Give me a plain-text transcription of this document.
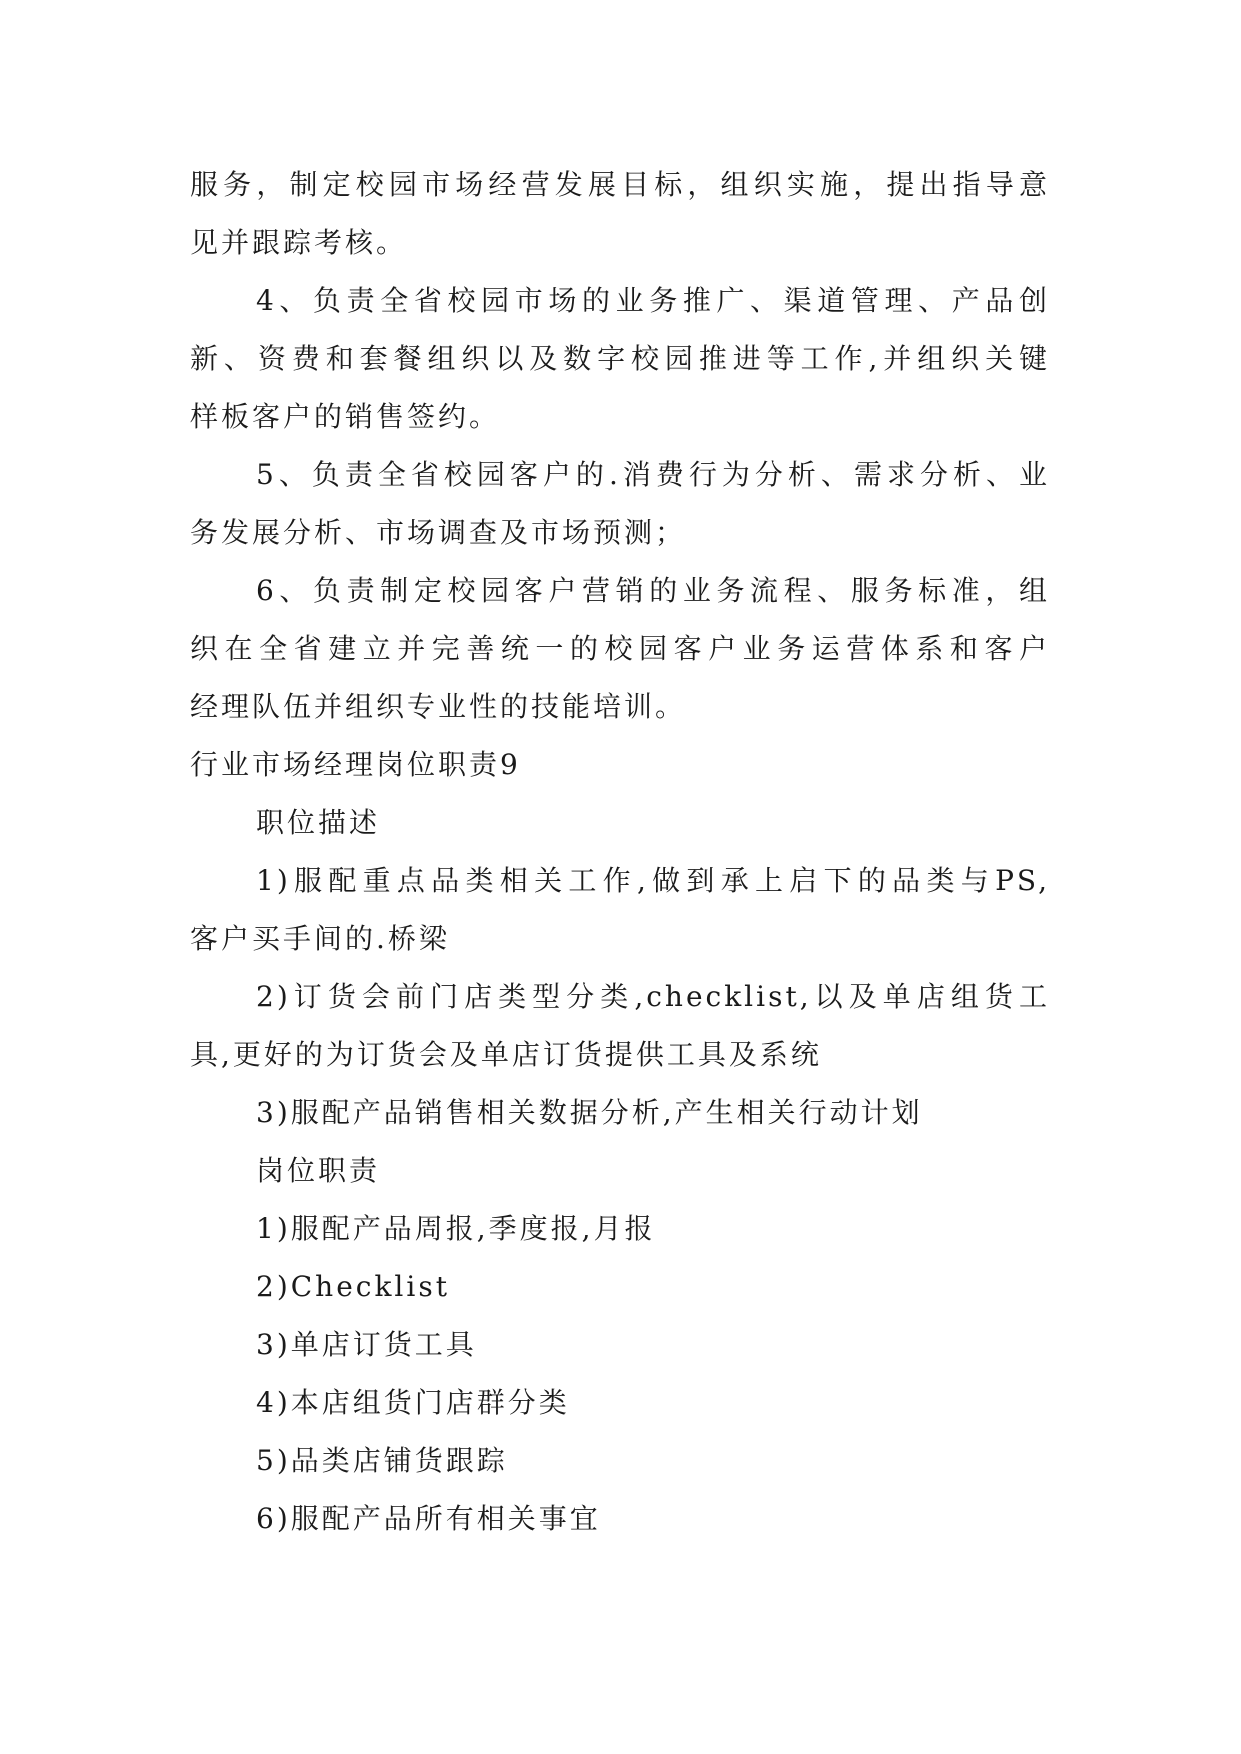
服务，制定校园市场经营发展目标，组织实施，提出指导意
见并跟踪考核。
4、负责全省校园市场的业务推广、渠道管理、产品创
新、资费和套餐组织以及数字校园推进等工作,并组织关键
样板客户的销售签约。
5、负责全省校园客户的.消费行为分析、需求分析、业
务发展分析、市场调查及市场预测；
6、负责制定校园客户营销的业务流程、服务标准，组
织在全省建立并完善统一的校园客户业务运营体系和客户
经理队伍并组织专业性的技能培训。
行业市场经理岗位职责9
职位描述
1)服配重点品类相关工作,做到承上启下的品类与PS,
客户买手间的.桥梁
2)订货会前门店类型分类,checklist,以及单店组货工
具,更好的为订货会及单店订货提供工具及系统
3)服配产品销售相关数据分析,产生相关行动计划
岗位职责
1)服配产品周报,季度报,月报
2)Checklist
3)单店订货工具
4)本店组货门店群分类
5)品类店铺货跟踪
6)服配产品所有相关事宜
